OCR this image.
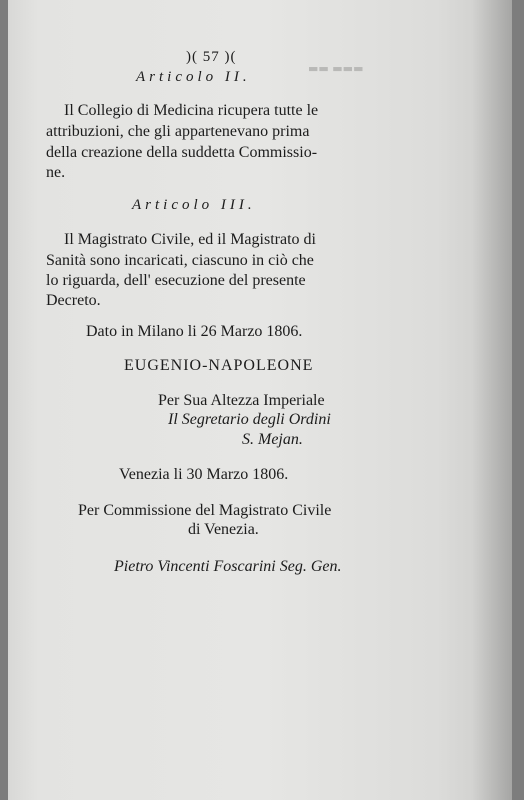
▬▬ ▬▬▬
)( 57 )(
Articolo II.
Il Collegio di Medicina ricupera tutte le
attribuzioni, che gli appartenevano prima
della creazione della suddetta Commissio-
ne.
Articolo III.
Il Magistrato Civile, ed il Magistrato di
Sanità sono incaricati, ciascuno in ciò che
lo riguarda, dell' esecuzione del presente
Decreto.
Dato in Milano li 26 Marzo 1806.
EUGENIO-NAPOLEONE
Per Sua Altezza Imperiale
Il Segretario degli Ordini
S. Mejan.
Venezia li 30 Marzo 1806.
Per Commissione del Magistrato Civile
di Venezia.
Pietro Vincenti Foscarini Seg. Gen.
